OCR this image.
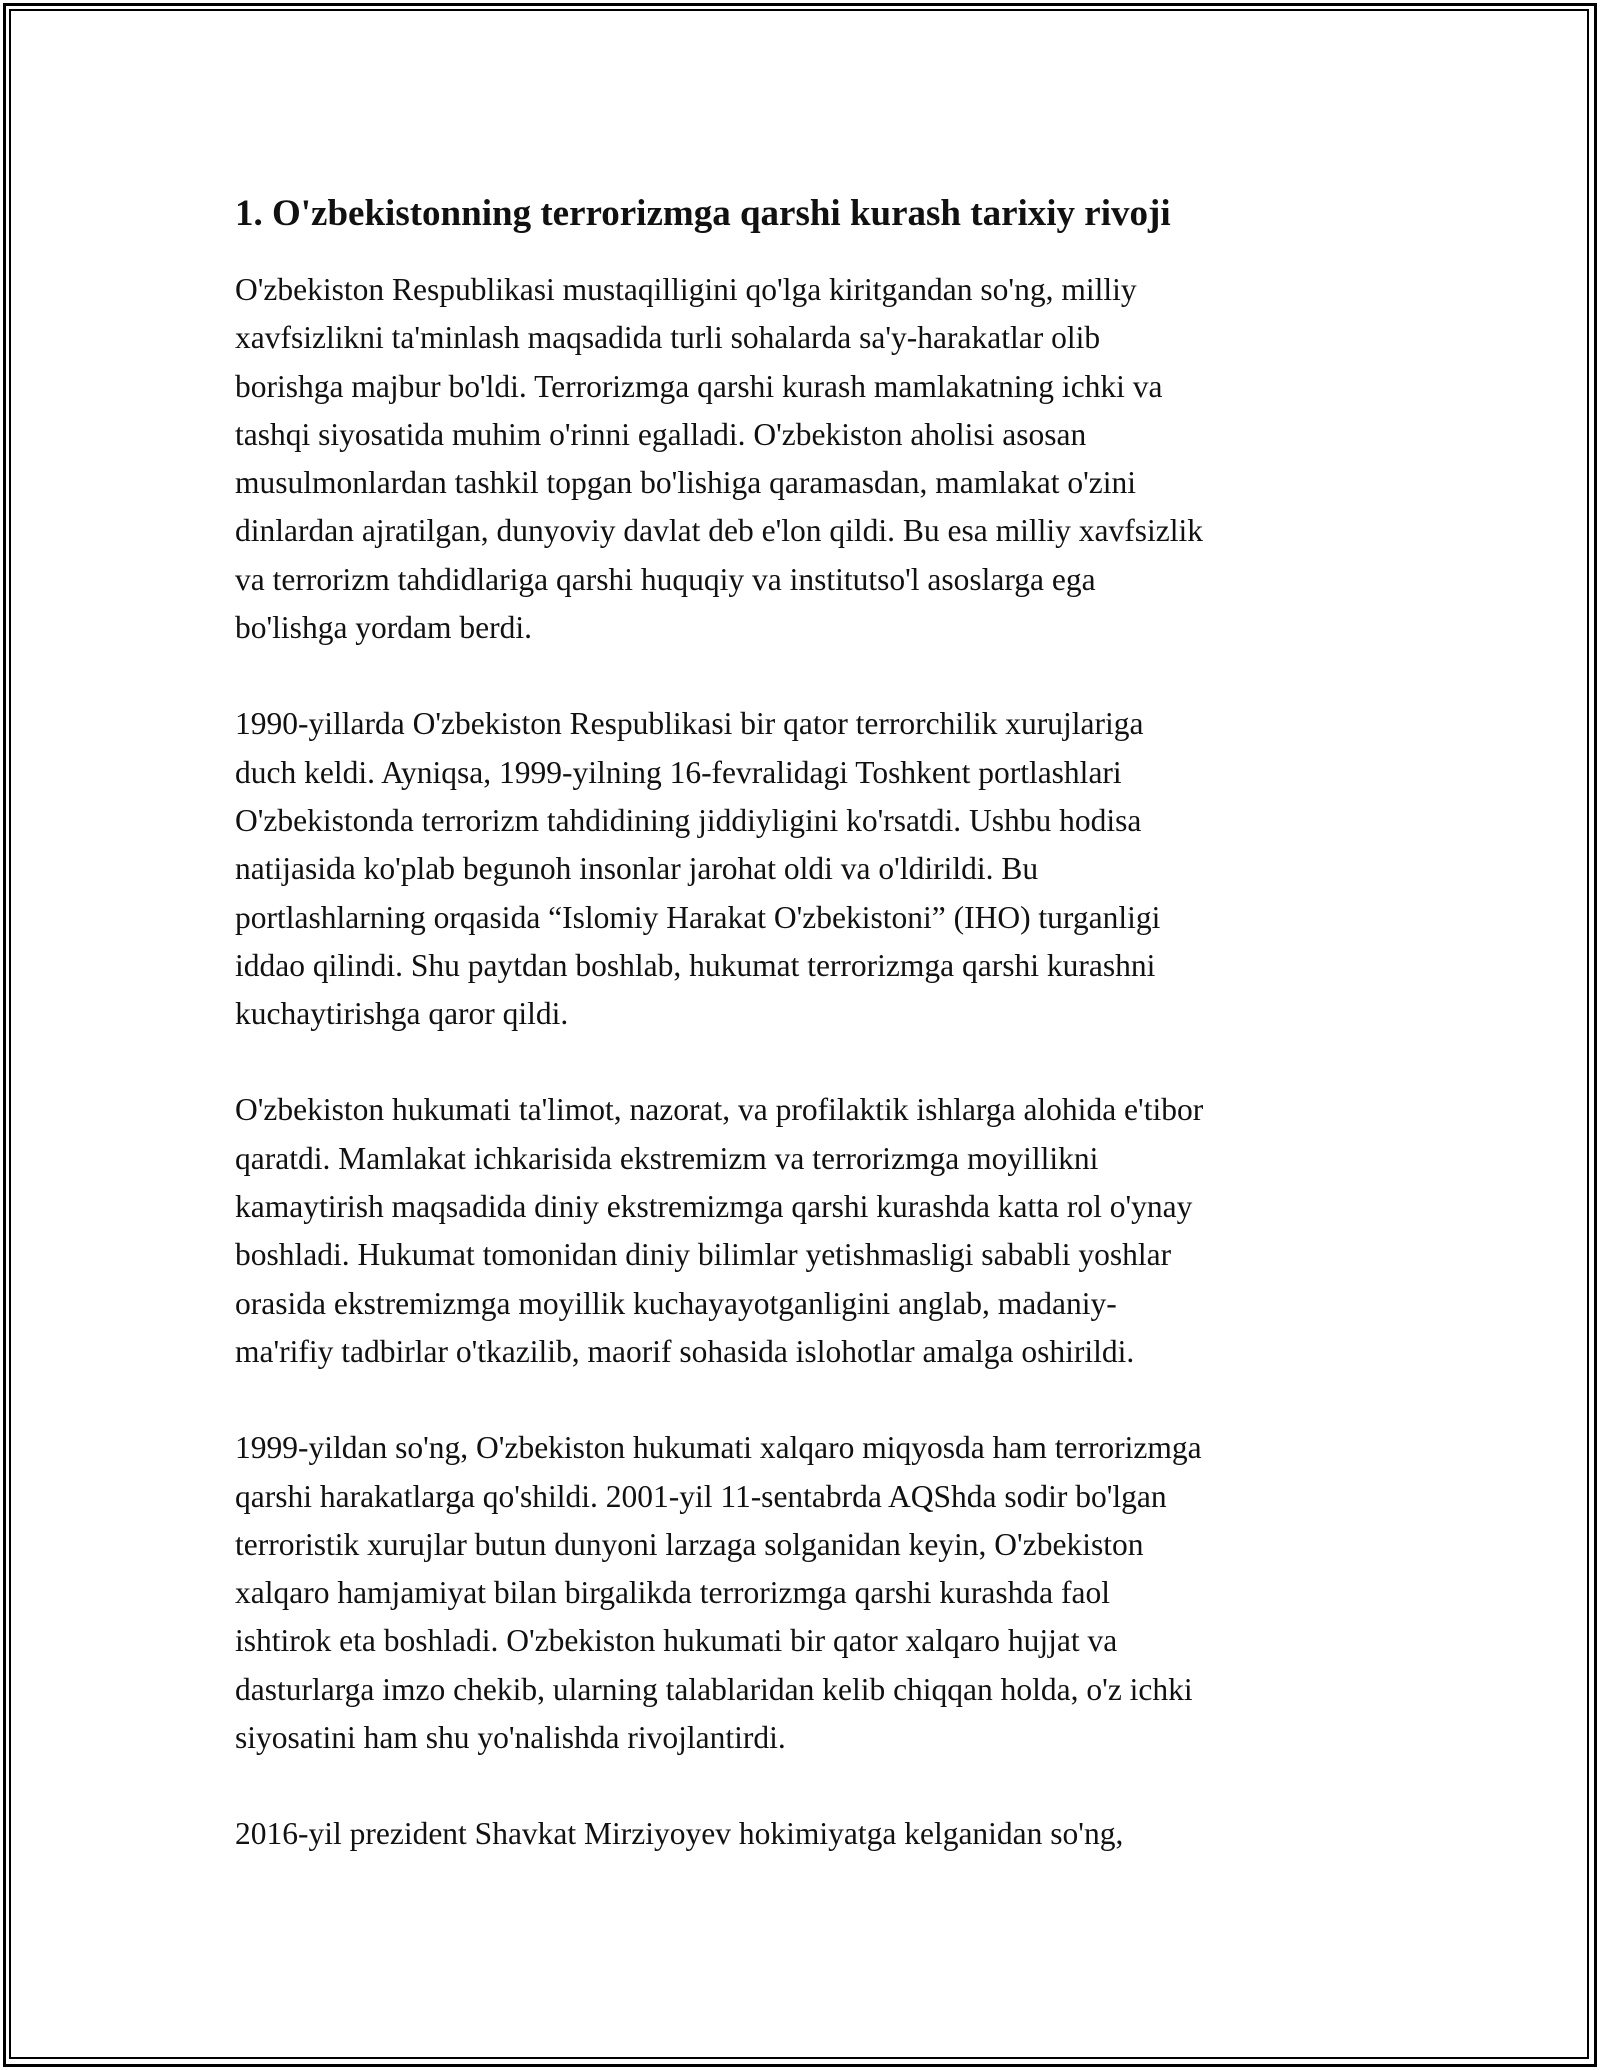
1. O'zbekistonning terrorizmga qarshi kurash tarixiy rivoji

O'zbekiston Respublikasi mustaqilligini qo'lga kiritgandan so'ng, milliy
xavfsizlikni ta'minlash maqsadida turli sohalarda sa'y-harakatlar olib
borishga majbur bo'ldi. Terrorizmga qarshi kurash mamlakatning ichki va
tashqi siyosatida muhim o'rinni egalladi. O'zbekiston aholisi asosan
musulmonlardan tashkil topgan bo'lishiga qaramasdan, mamlakat o'zini
dinlardan ajratilgan, dunyoviy davlat deb e'lon qildi. Bu esa milliy xavfsizlik
va terrorizm tahdidlariga qarshi huquqiy va institutso'l asoslarga ega
bo'lishga yordam berdi.

1990-yillarda O'zbekiston Respublikasi bir qator terrorchilik xurujlariga
duch keldi. Ayniqsa, 1999-yilning 16-fevralidagi Toshkent portlashlari
O'zbekistonda terrorizm tahdidining jiddiyligini ko'rsatdi. Ushbu hodisa
natijasida ko'plab begunoh insonlar jarohat oldi va o'ldirildi. Bu
portlashlarning orqasida “Islomiy Harakat O'zbekistoni” (IHO) turganligi
iddao qilindi. Shu paytdan boshlab, hukumat terrorizmga qarshi kurashni
kuchaytirishga qaror qildi.

O'zbekiston hukumati ta'limot, nazorat, va profilaktik ishlarga alohida e'tibor
qaratdi. Mamlakat ichkarisida ekstremizm va terrorizmga moyillikni
kamaytirish maqsadida diniy ekstremizmga qarshi kurashda katta rol o'ynay
boshladi. Hukumat tomonidan diniy bilimlar yetishmasligi sababli yoshlar
orasida ekstremizmga moyillik kuchayayotganligini anglab, madaniy-
ma'rifiy tadbirlar o'tkazilib, maorif sohasida islohotlar amalga oshirildi.

1999-yildan so'ng, O'zbekiston hukumati xalqaro miqyosda ham terrorizmga
qarshi harakatlarga qo'shildi. 2001-yil 11-sentabrda AQShda sodir bo'lgan
terroristik xurujlar butun dunyoni larzaga solganidan keyin, O'zbekiston
xalqaro hamjamiyat bilan birgalikda terrorizmga qarshi kurashda faol
ishtirok eta boshladi. O'zbekiston hukumati bir qator xalqaro hujjat va
dasturlarga imzo chekib, ularning talablaridan kelib chiqqan holda, o'z ichki
siyosatini ham shu yo'nalishda rivojlantirdi.

2016-yil prezident Shavkat Mirziyoyev hokimiyatga kelganidan so'ng,
